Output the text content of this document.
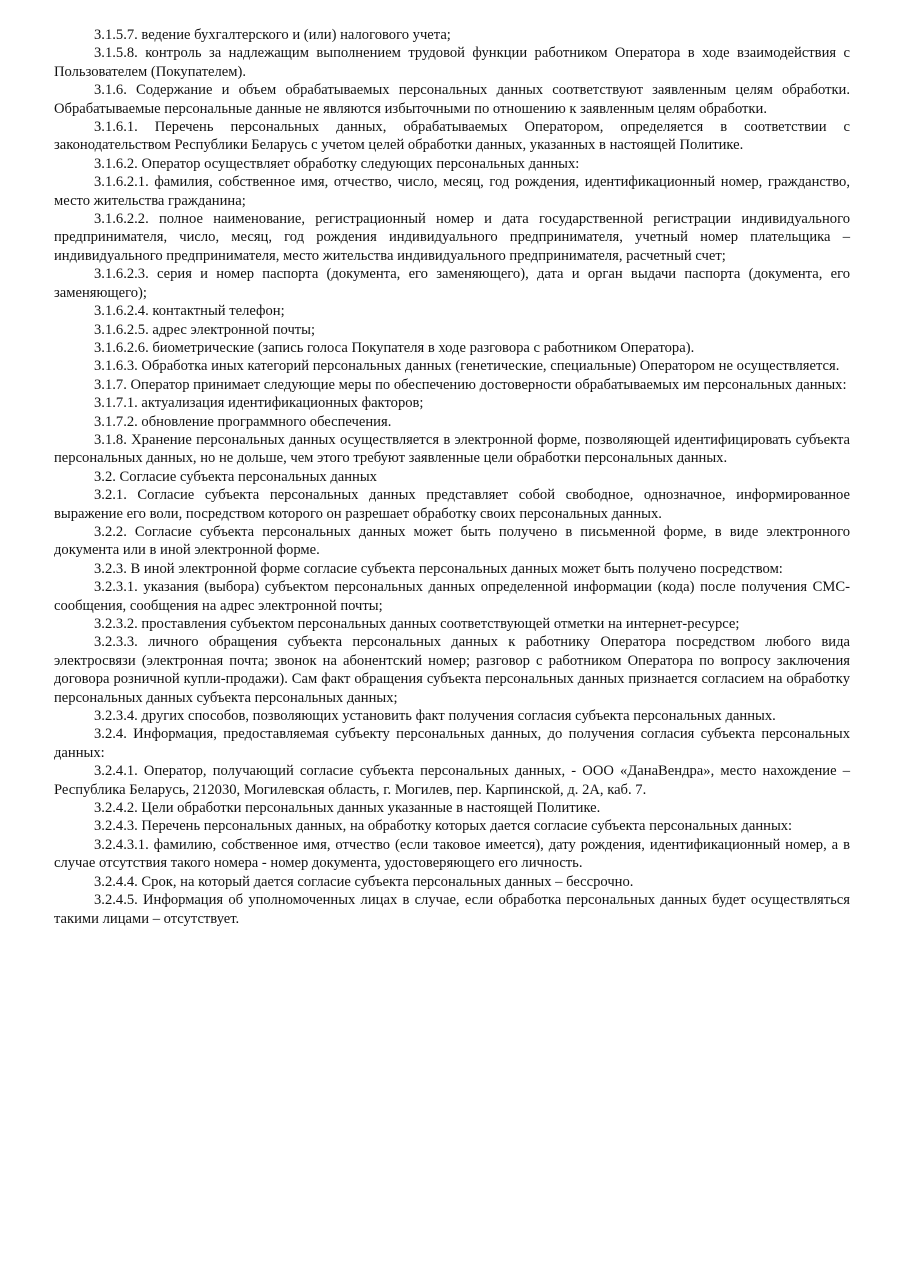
3.1.5.7. ведение бухгалтерского и (или) налогового учета;

3.1.5.8. контроль за надлежащим выполнением трудовой функции работником Оператора в ходе взаимодействия с Пользователем (Покупателем).

3.1.6. Содержание и объем обрабатываемых персональных данных соответствуют заявленным целям обработки. Обрабатываемые персональные данные не являются избыточными по отношению к заявленным целям обработки.

3.1.6.1. Перечень персональных данных, обрабатываемых Оператором, определяется в соответствии с законодательством Республики Беларусь с учетом целей обработки данных, указанных в настоящей Политике.

3.1.6.2. Оператор осуществляет обработку следующих персональных данных:

3.1.6.2.1. фамилия, собственное имя, отчество, число, месяц, год рождения, идентификационный номер, гражданство, место жительства гражданина;

3.1.6.2.2. полное наименование, регистрационный номер и дата государственной регистрации индивидуального предпринимателя, число, месяц, год рождения индивидуального предпринимателя, учетный номер плательщика – индивидуального предпринимателя, место жительства индивидуального предпринимателя, расчетный счет;

3.1.6.2.3. серия и номер паспорта (документа, его заменяющего), дата и орган выдачи паспорта (документа, его заменяющего);

3.1.6.2.4. контактный телефон;

3.1.6.2.5. адрес электронной почты;

3.1.6.2.6. биометрические (запись голоса Покупателя в ходе разговора с работником Оператора).

3.1.6.3. Обработка иных категорий персональных данных (генетические, специальные) Оператором не осуществляется.

3.1.7. Оператор принимает следующие меры по обеспечению достоверности обрабатываемых им персональных данных:

3.1.7.1. актуализация идентификационных факторов;

3.1.7.2. обновление программного обеспечения.

3.1.8. Хранение персональных данных осуществляется в электронной форме, позволяющей идентифицировать субъекта персональных данных, но не дольше, чем этого требуют заявленные цели обработки персональных данных.

3.2. Согласие субъекта персональных данных

3.2.1. Согласие субъекта персональных данных представляет собой свободное, однозначное, информированное выражение его воли, посредством которого он разрешает обработку своих персональных данных.

3.2.2. Согласие субъекта персональных данных может быть получено в письменной форме, в виде электронного документа или в иной электронной форме.

3.2.3. В иной электронной форме согласие субъекта персональных данных может быть получено посредством:

3.2.3.1. указания (выбора) субъектом персональных данных определенной информации (кода) после получения СМС-сообщения, сообщения на адрес электронной почты;

3.2.3.2. проставления субъектом персональных данных соответствующей отметки на интернет-ресурсе;

3.2.3.3. личного обращения субъекта персональных данных к работнику Оператора посредством любого вида электросвязи (электронная почта; звонок на абонентский номер; разговор с работником Оператора по вопросу заключения договора розничной купли-продажи). Сам факт обращения субъекта персональных данных признается согласием на обработку персональных данных субъекта персональных данных;

3.2.3.4. других способов, позволяющих установить факт получения согласия субъекта персональных данных.

3.2.4. Информация, предоставляемая субъекту персональных данных, до получения согласия субъекта персональных данных:

3.2.4.1. Оператор, получающий согласие субъекта персональных данных, - ООО «ДанаВендра», место нахождение – Республика Беларусь, 212030, Могилевская область, г. Могилев, пер. Карпинской, д. 2А, каб. 7.

3.2.4.2. Цели обработки персональных данных указанные в настоящей Политике.

3.2.4.3. Перечень персональных данных, на обработку которых дается согласие субъекта персональных данных:

3.2.4.3.1. фамилию, собственное имя, отчество (если таковое имеется), дату рождения, идентификационный номер, а в случае отсутствия такого номера - номер документа, удостоверяющего его личность.

3.2.4.4. Срок, на который дается согласие субъекта персональных данных – бессрочно.

3.2.4.5. Информация об уполномоченных лицах в случае, если обработка персональных данных будет осуществляться такими лицами – отсутствует.
